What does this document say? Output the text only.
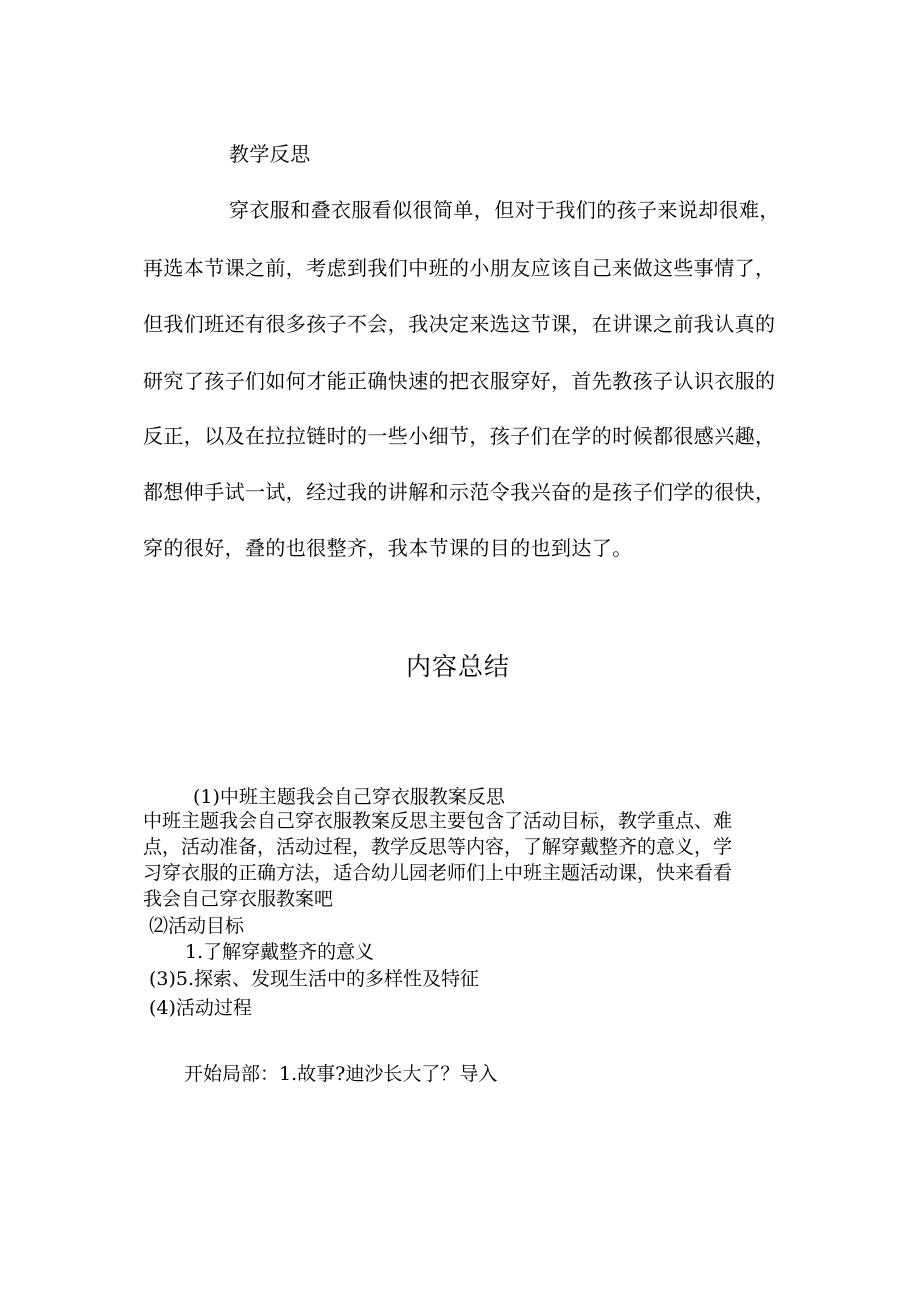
教学反思
穿衣服和叠衣服看似很简单，但对于我们的孩子来说却很难，
再选本节课之前，考虑到我们中班的小朋友应该自己来做这些事情了，
但我们班还有很多孩子不会，我决定来选这节课，在讲课之前我认真的
研究了孩子们如何才能正确快速的把衣服穿好，首先教孩子认识衣服的
反正，以及在拉拉链时的一些小细节，孩子们在学的时候都很感兴趣，
都想伸手试一试，经过我的讲解和示范令我兴奋的是孩子们学的很快，
穿的很好，叠的也很整齐，我本节课的目的也到达了。
内容总结
(1)中班主题我会自己穿衣服教案反思
中班主题我会自己穿衣服教案反思主要包含了活动目标，教学重点、难
点，活动准备，活动过程，教学反思等内容，了解穿戴整齐的意义，学
习穿衣服的正确方法，适合幼儿园老师们上中班主题活动课，快来看看
我会自己穿衣服教案吧
⑵活动目标
1.了解穿戴整齐的意义
(3)5.探索、发现生活中的多样性及特征
(4)活动过程
开始局部：1.故事?迪沙长大了？导入
